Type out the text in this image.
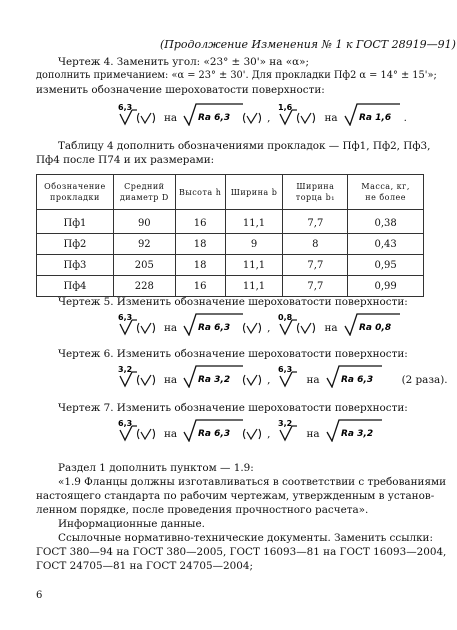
(Продолжение Изменения № 1 к ГОСТ 28919—91)
Чертеж 4. Заменить угол: «23° ± 30'» на «α»;
дополнить примечанием: «α = 23° ± 30'. Для прокладки Пф2 α = 14° ± 15'»;
изменить обозначение шероховатости поверхности:
6,3
на Ra 6,3	,
1,6
на Ra 1,6 .
Таблицу 4 дополнить обозначениями прокладок — Пф1, Пф2, Пф3,
Пф4 после П74 и их размерами:
Обозначение
прокладки	Средний
диаметр D	Высота h	Ширина b	Ширина
торца b₁	Масса, кг,
не более
Пф1	90	16	11,1	7,7	0,38
Пф2	92	18	9	8	0,43
Пф3	205	18	11,1	7,7	0,95
Пф4	228	16	11,1	7,7	0,99
Чертеж 5. Изменить обозначение шероховатости поверхности:
6,3
на Ra 6,3	,
0,8
на Ra 0,8
Чертеж 6. Изменить обозначение шероховатости поверхности:
3,2
на Ra 3,2	,
6,3
на Ra 6,3	(2 раза).
Чертеж 7. Изменить обозначение шероховатости поверхности:
6,3
на Ra 6,3	,
3,2
на Ra 3,2
Раздел 1 дополнить пунктом — 1.9:
«1.9 Фланцы должны изготавливаться в соответствии с требованиями
настоящего стандарта по рабочим чертежам, утвержденным в установ-
ленном порядке, после проведения прочностного расчета».
Информационные данные.
Ссылочные нормативно-технические документы. Заменить ссылки:
ГОСТ 380—94 на ГОСТ 380—2005, ГОСТ 16093—81 на ГОСТ 16093—2004,
ГОСТ 24705—81 на ГОСТ 24705—2004;
6
